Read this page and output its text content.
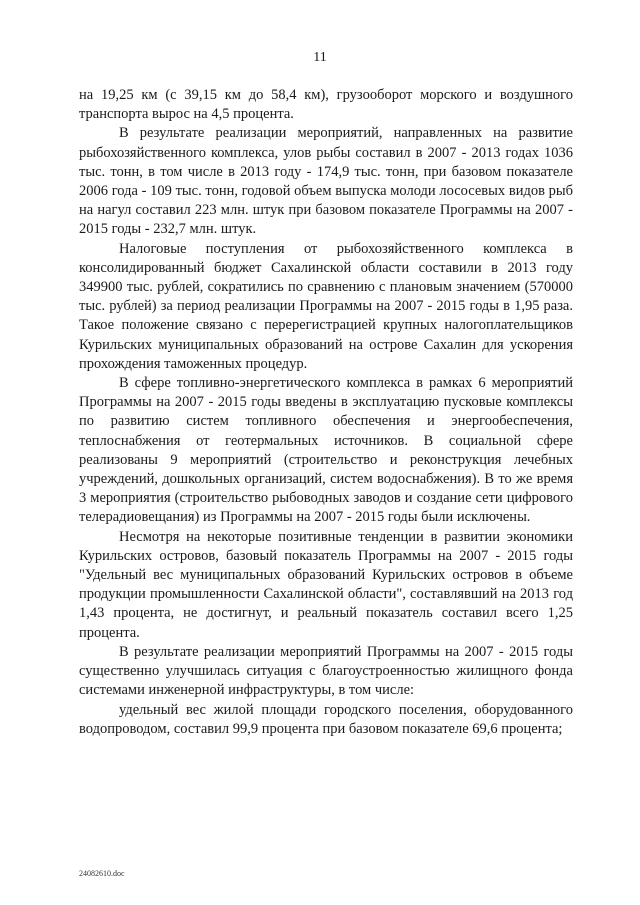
11

на 19,25 км (с 39,15 км до 58,4 км), грузооборот морского и воздушного транспорта вырос на 4,5 процента.

В результате реализации мероприятий, направленных на развитие рыбохозяйственного комплекса, улов рыбы составил в 2007 - 2013 годах 1036 тыс. тонн, в том числе в 2013 году - 174,9 тыс. тонн, при базовом показателе 2006 года - 109 тыс. тонн, годовой объем выпуска молоди лососевых видов рыб на нагул составил 223 млн. штук при базовом показателе Программы на 2007 - 2015 годы - 232,7 млн. штук.

Налоговые поступления от рыбохозяйственного комплекса в консолидированный бюджет Сахалинской области составили в 2013 году 349900 тыс. рублей, сократились по сравнению с плановым значением (570000 тыс. рублей) за период реализации Программы на 2007 - 2015 годы в 1,95 раза. Такое положение связано с перерегистрацией крупных налогоплательщиков Курильских муниципальных образований на острове Сахалин для ускорения прохождения таможенных процедур.

В сфере топливно-энергетического комплекса в рамках 6 мероприятий Программы на 2007 - 2015 годы введены в эксплуатацию пусковые комплексы по развитию систем топливного обеспечения и энергообеспечения, теплоснабжения от геотермальных источников. В социальной сфере реализованы 9 мероприятий (строительство и реконструкция лечебных учреждений, дошкольных организаций, систем водоснабжения). В то же время 3 мероприятия (строительство рыбоводных заводов и создание сети цифрового телерадиовещания) из Программы на 2007 - 2015 годы были исключены.

Несмотря на некоторые позитивные тенденции в развитии экономики Курильских островов, базовый показатель Программы на 2007 - 2015 годы "Удельный вес муниципальных образований Курильских островов в объеме продукции промышленности Сахалинской области", составлявший на 2013 год 1,43 процента, не достигнут, и реальный показатель составил всего 1,25 процента.

В результате реализации мероприятий Программы на 2007 - 2015 годы существенно улучшилась ситуация с благоустроенностью жилищного фонда системами инженерной инфраструктуры, в том числе:

удельный вес жилой площади городского поселения, оборудованного водопроводом, составил 99,9 процента при базовом показателе 69,6 процента;

24082610.doc
